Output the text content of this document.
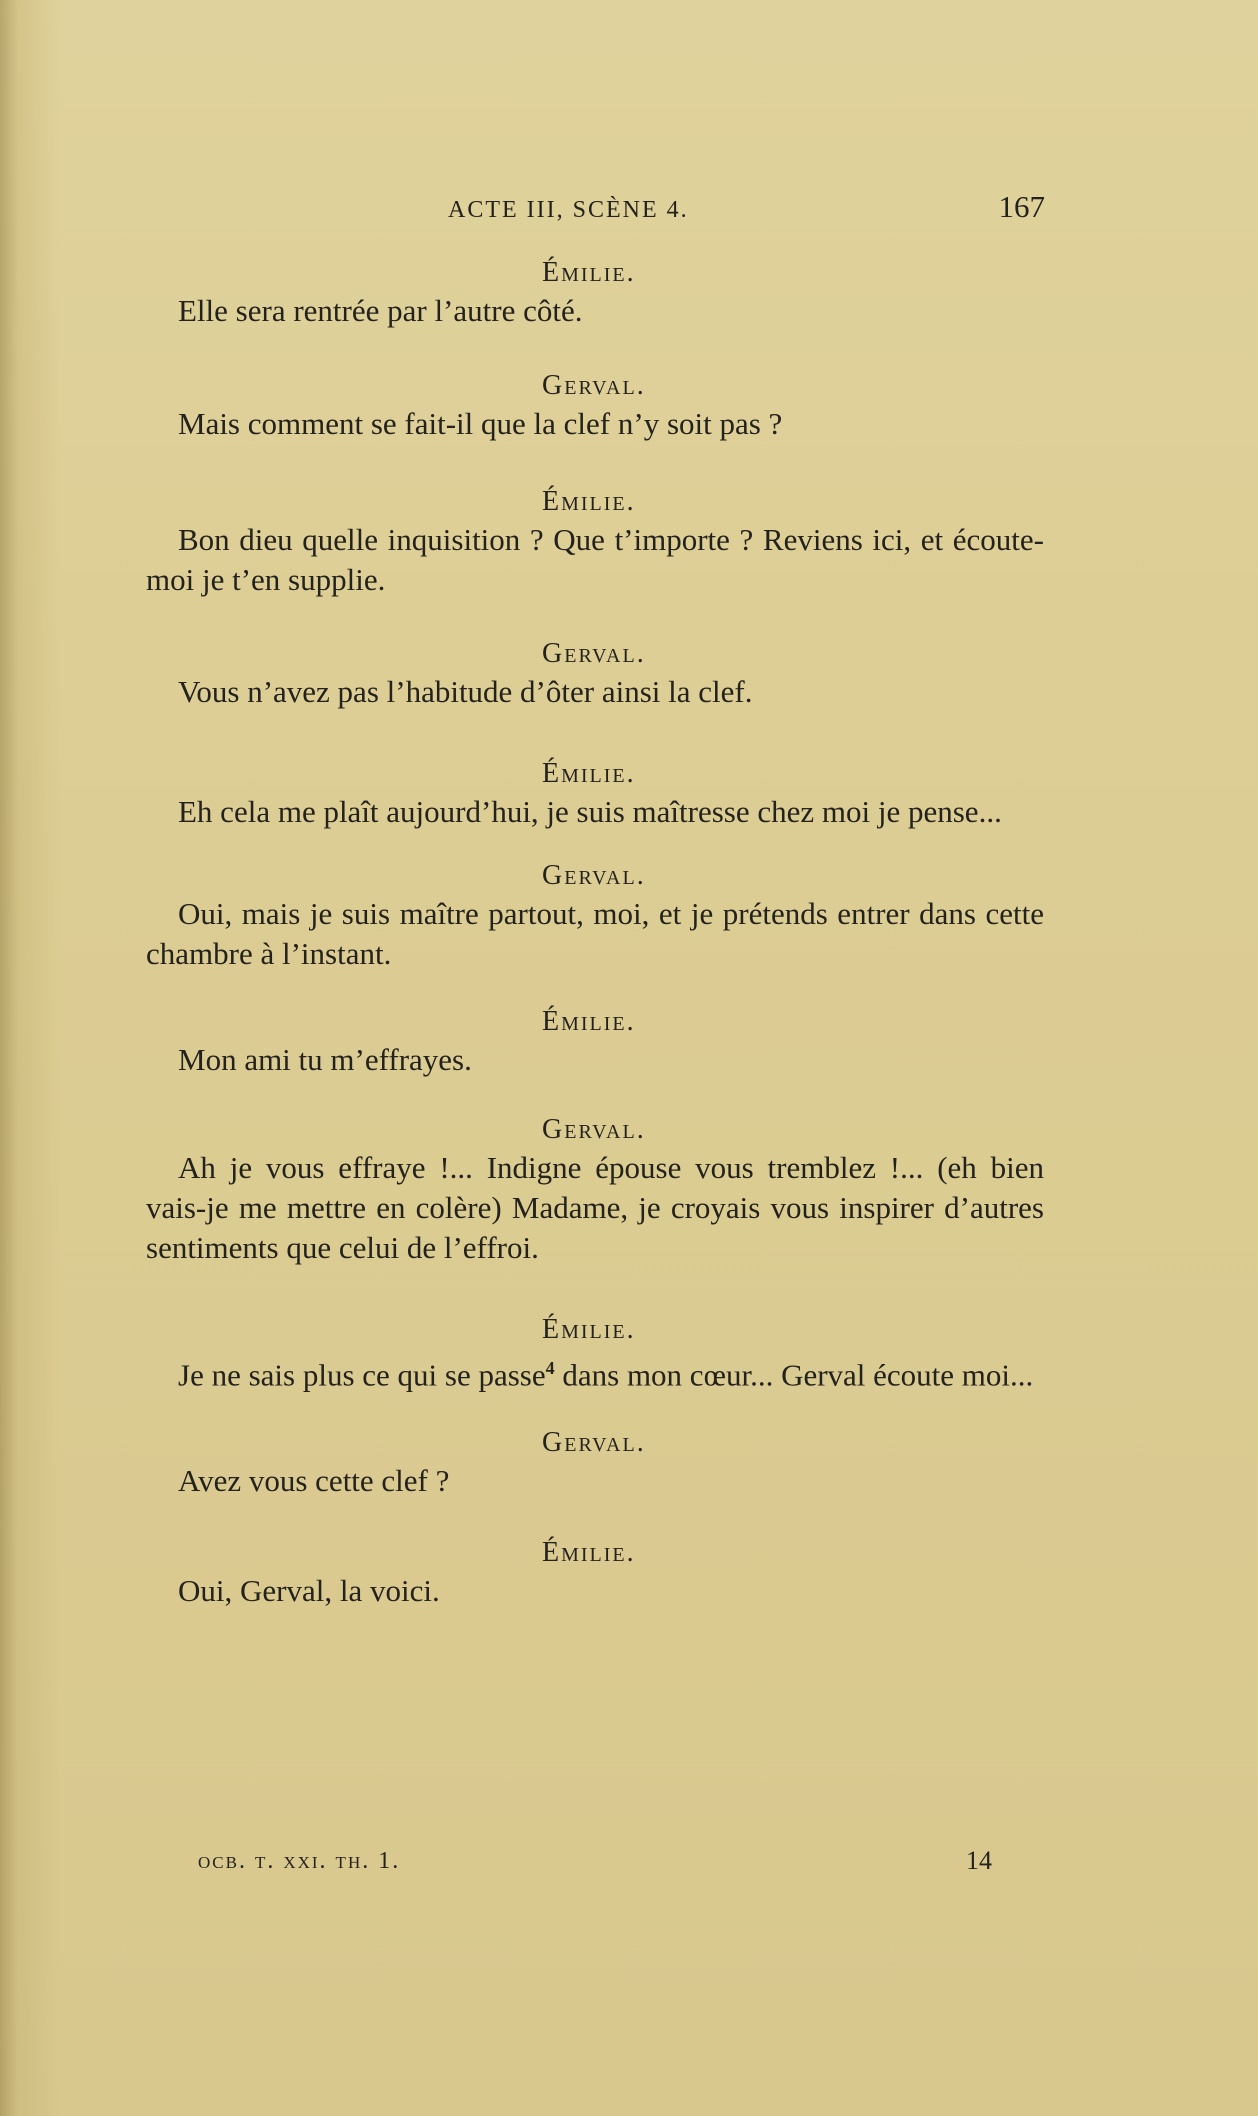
ACTE III, SCÈNE 4.	167
Émilie.

Elle sera rentrée par l’autre côté.

Gerval.

Mais comment se fait-il que la clef n’y soit pas ?

Émilie.

Bon dieu quelle inquisition ? Que t’importe ? Reviens ici, et écoute-moi je t’en supplie.

Gerval.

Vous n’avez pas l’habitude d’ôter ainsi la clef.

Émilie.

Eh cela me plaît aujourd’hui, je suis maîtresse chez moi je pense...

Gerval.

Oui, mais je suis maître partout, moi, et je prétends entrer dans cette chambre à l’instant.

Émilie.

Mon ami tu m’effrayes.

Gerval.

Ah je vous effraye !... Indigne épouse vous tremblez !... (eh bien vais-je me mettre en colère) Madame, je croyais vous inspirer d’autres sentiments que celui de l’effroi.

Émilie.

Je ne sais plus ce qui se passe$^4$ dans mon cœur... Gerval écoute moi...

Gerval.

Avez vous cette clef ?

Émilie.

Oui, Gerval, la voici.

ocb. t. xxi. th. 1.	14
